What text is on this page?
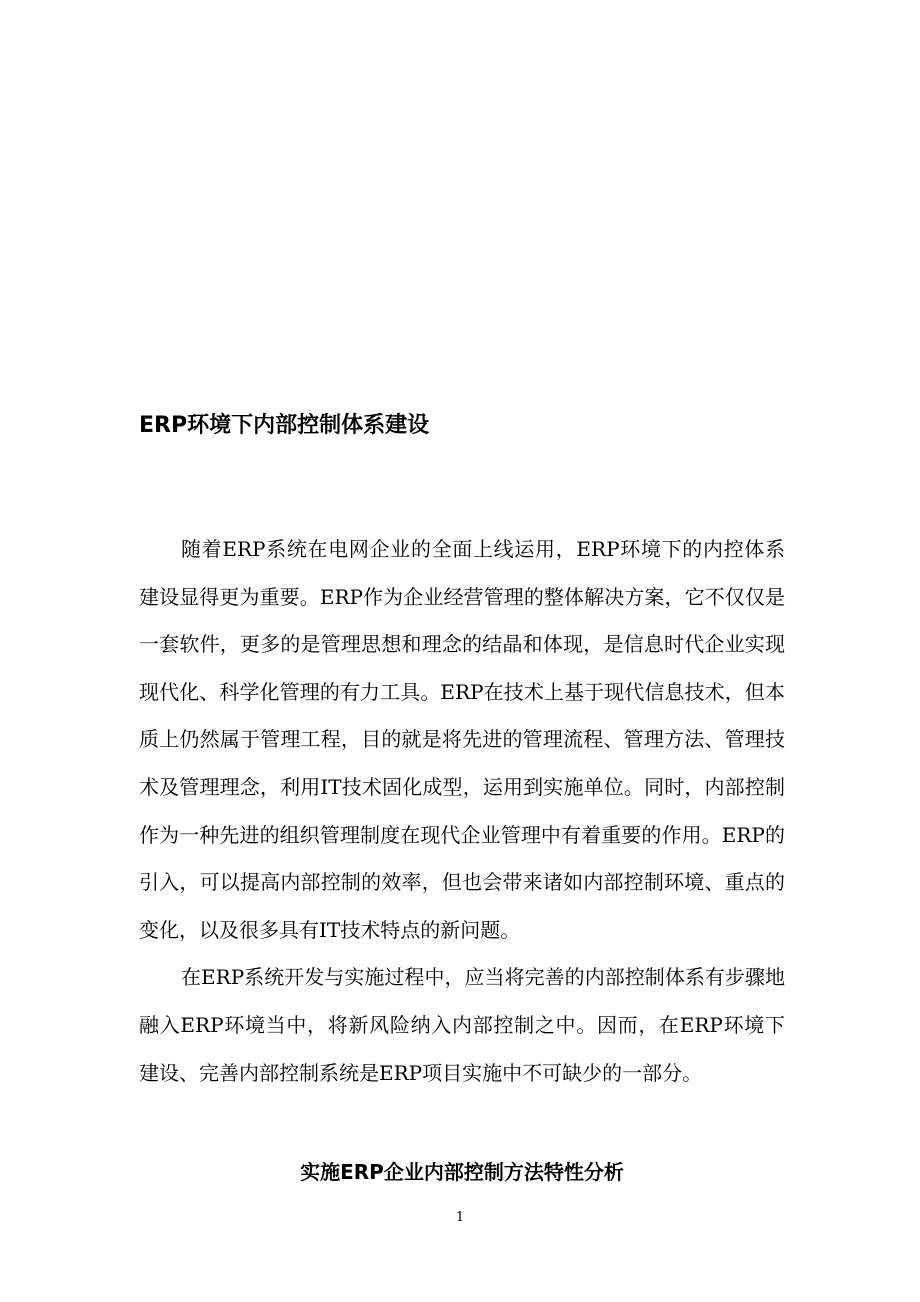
ERP环境下内部控制体系建设

随着ERP系统在电网企业的全面上线运用，ERP环境下的内控体系建设显得更为重要。ERP作为企业经营管理的整体解决方案，它不仅仅是一套软件，更多的是管理思想和理念的结晶和体现，是信息时代企业实现现代化、科学化管理的有力工具。ERP在技术上基于现代信息技术，但本质上仍然属于管理工程，目的就是将先进的管理流程、管理方法、管理技术及管理理念，利用IT技术固化成型，运用到实施单位。同时，内部控制作为一种先进的组织管理制度在现代企业管理中有着重要的作用。ERP的引入，可以提高内部控制的效率，但也会带来诸如内部控制环境、重点的变化，以及很多具有IT技术特点的新问题。

在ERP系统开发与实施过程中，应当将完善的内部控制体系有步骤地融入ERP环境当中，将新风险纳入内部控制之中。因而，在ERP环境下建设、完善内部控制系统是ERP项目实施中不可缺少的一部分。

实施ERP企业内部控制方法特性分析
1
